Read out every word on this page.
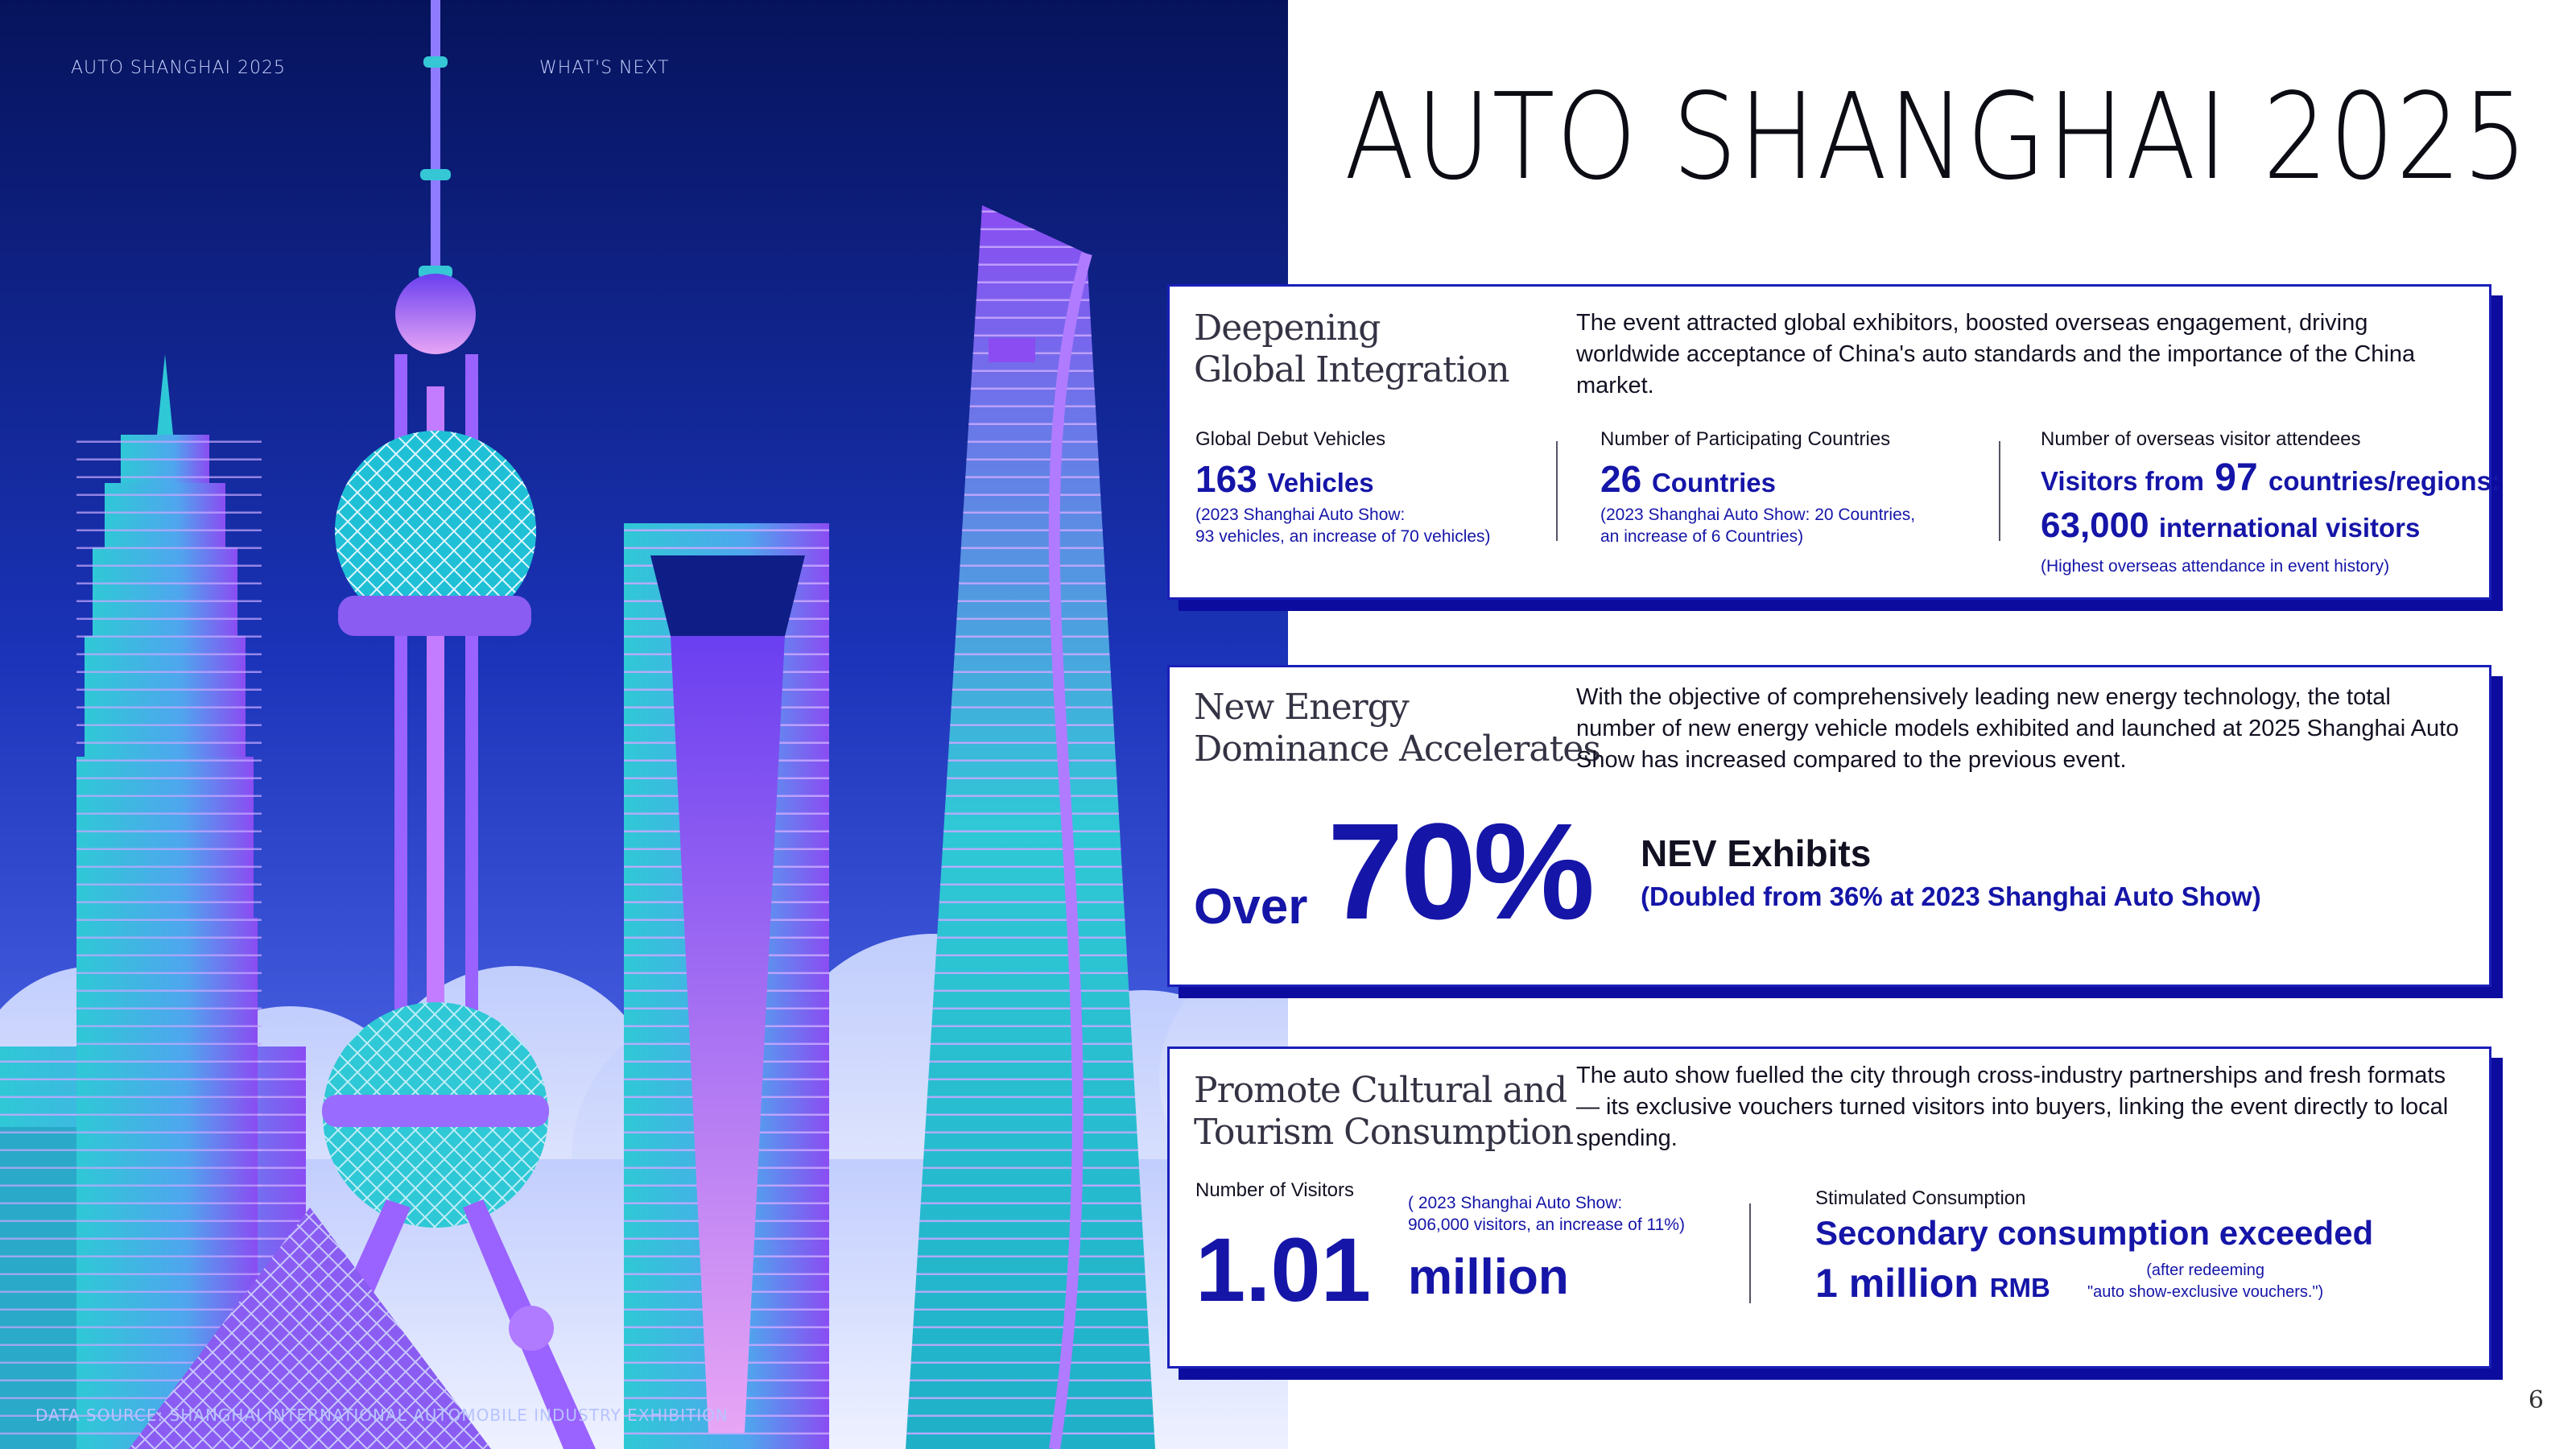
AUTO SHANGHAI 2025	WHAT'S NEXT
DATA SOURCE: SHANGHAI INTERNATIONAL AUTOMOBILE INDUSTRY EXHIBITION
AUTO SHANGHAI 2025
Deepening
Global Integration
The event attracted global exhibitors, boosted overseas engagement, driving worldwide acceptance of China's auto standards and the importance of the China market.
Global Debut Vehicles
163 Vehicles
(2023 Shanghai Auto Show:
93 vehicles, an increase of 70 vehicles)
Number of Participating Countries
26 Countries
(2023 Shanghai Auto Show: 20 Countries,
an increase of 6 Countries)
Number of overseas visitor attendees
Visitors from 97 countries/regions:
63,000 international visitors
(Highest overseas attendance in event history)
New Energy
Dominance Accelerates
With the objective of comprehensively leading new energy technology, the total number of new energy vehicle models exhibited and launched at 2025 Shanghai Auto Show has increased compared to the previous event.
Over 70% NEV Exhibits
(Doubled from 36% at 2023 Shanghai Auto Show)
Promote Cultural and
Tourism Consumption
The auto show fuelled the city through cross-industry partnerships and fresh formats — its exclusive vouchers turned visitors into buyers, linking the event directly to local spending.
Number of Visitors
( 2023 Shanghai Auto Show:
906,000 visitors, an increase of 11%)
1.01 million
Stimulated Consumption
Secondary consumption exceeded
1 million RMB
(after redeeming
"auto show-exclusive vouchers.")
6
